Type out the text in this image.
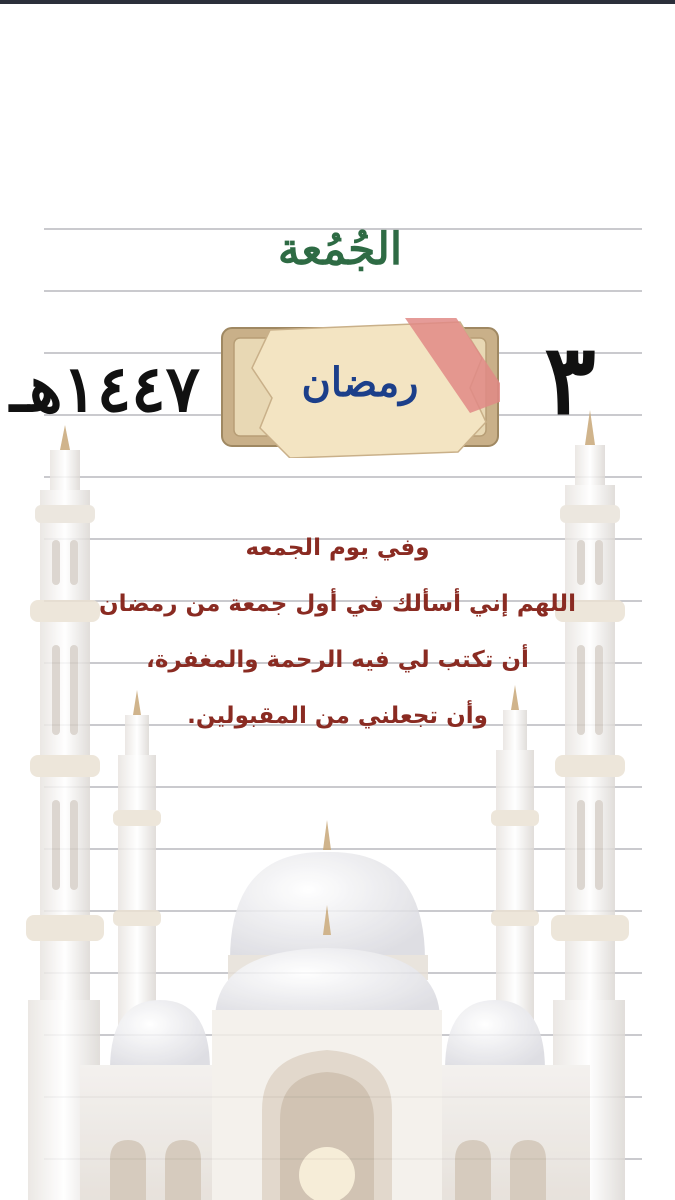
الجُمُعة
٣
١٤٤٧هـ	رمضان
وفي يوم الجمعه
اللهم إني أسألك في أول جمعة من رمضان
أن تكتب لي فيه الرحمة والمغفرة،
وأن تجعلني من المقبولين.
